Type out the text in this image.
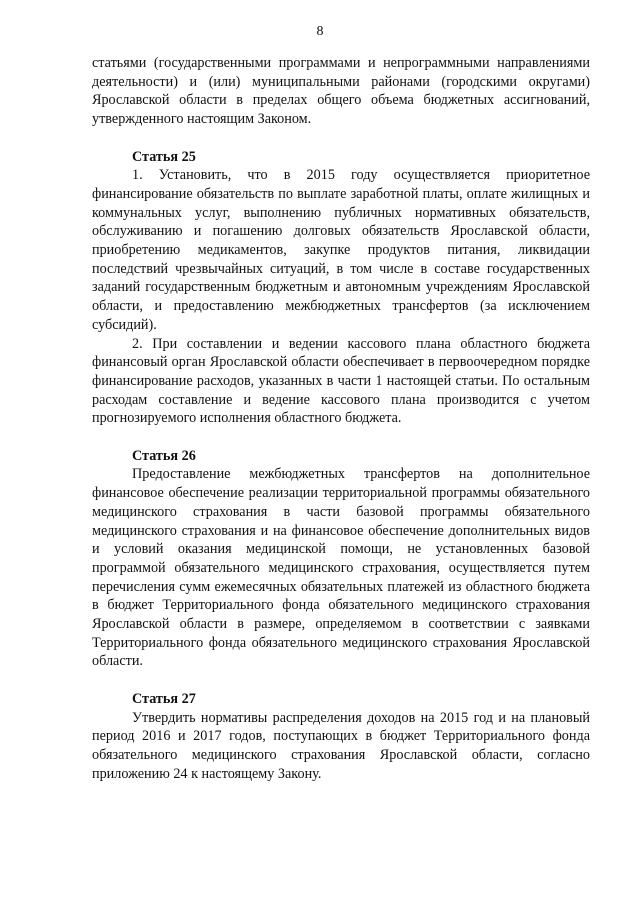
8

статьями (государственными программами и непрограммными направлениями деятельности) и (или) муниципальными районами (городскими округами) Ярославской области в пределах общего объема бюджетных ассигнований, утвержденного настоящим Законом.

Статья 25

1. Установить, что в 2015 году осуществляется приоритетное финансирование обязательств по выплате заработной платы, оплате жилищных и коммунальных услуг, выполнению публичных нормативных обязательств, обслуживанию и погашению долговых обязательств Ярославской области, приобретению медикаментов, закупке продуктов питания, ликвидации последствий чрезвычайных ситуаций, в том числе в составе государственных заданий государственным бюджетным и автономным учреждениям Ярославской области, и предоставлению межбюджетных трансфертов (за исключением субсидий).

2. При составлении и ведении кассового плана областного бюджета финансовый орган Ярославской области обеспечивает в первоочередном порядке финансирование расходов, указанных в части 1 настоящей статьи. По остальным расходам составление и ведение кассового плана производится с учетом прогнозируемого исполнения областного бюджета.

Статья 26

Предоставление межбюджетных трансфертов на дополнительное финансовое обеспечение реализации территориальной программы обязательного медицинского страхования в части базовой программы обязательного медицинского страхования и на финансовое обеспечение дополнительных видов и условий оказания медицинской помощи, не установленных базовой программой обязательного медицинского страхования, осуществляется путем перечисления сумм ежемесячных обязательных платежей из областного бюджета в бюджет Территориального фонда обязательного медицинского страхования Ярославской области в размере, определяемом в соответствии с заявками Территориального фонда обязательного медицинского страхования Ярославской области.

Статья 27

Утвердить нормативы распределения доходов на 2015 год и на плановый период 2016 и 2017 годов, поступающих в бюджет Территориального фонда обязательного медицинского страхования Ярославской области, согласно приложению 24 к настоящему Закону.
